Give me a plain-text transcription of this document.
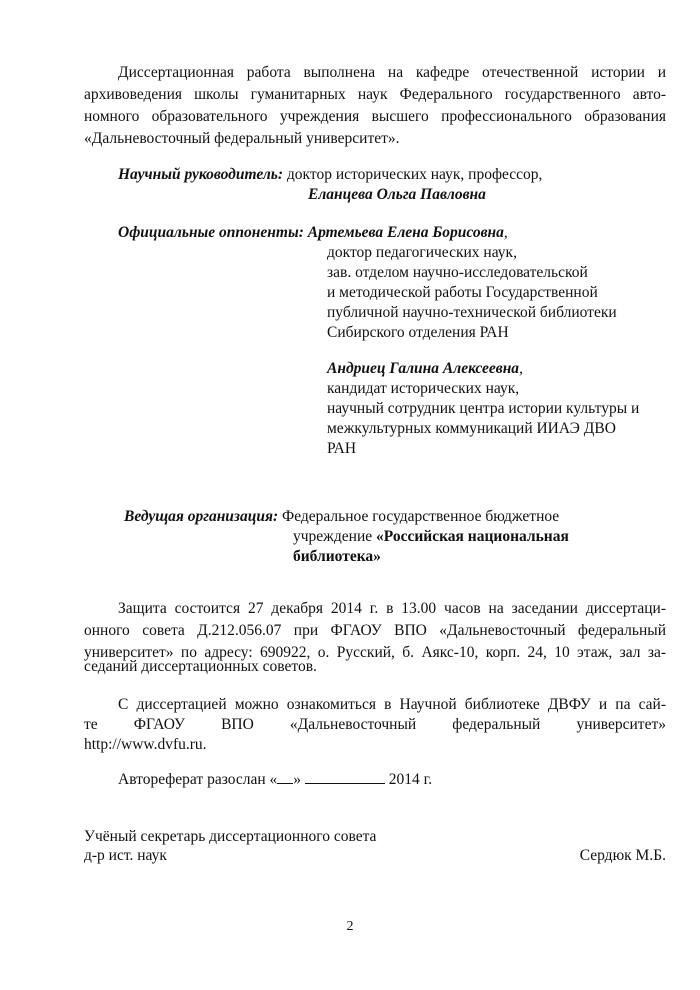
Диссертационная работа выполнена на кафедре отечественной истории и
архивоведения школы гуманитарных наук Федерального государственного авто-
номного образовательного учреждения высшего профессионального образования
«Дальневосточный федеральный университет».
Научный руководитель: доктор исторических наук, профессор,
Еланцева Ольга Павловна
Официальные оппоненты: Артемьева Елена Борисовна,
доктор педагогических наук,
зав. отделом научно-исследовательской
и методической работы Государственной
публичной научно-технической библиотеки
Сибирского отделения РАН
Андриец Галина Алексеевна,
кандидат исторических наук,
научный сотрудник центра истории культуры и
межкультурных коммуникаций ИИАЭ ДВО
РАН
Ведущая организация: Федеральное государственное бюджетное
учреждение «Российская национальная
библиотека»
Защита состоится 27 декабря 2014 г. в 13.00 часов на заседании диссертаци-
онного совета Д.212.056.07 при ФГАОУ ВПО «Дальневосточный федеральный
университет» по адресу: 690922, о. Русский, б. Аякс-10, корп. 24, 10 этаж, зал за-
седаний диссертационных советов.
С диссертацией можно ознакомиться в Научной библиотеке ДВФУ и па сай-
те ФГАОУ ВПО «Дальневосточный федеральный университет»
http://www.dvfu.ru.
Автореферат разослан « »	2014 г.
Учёный секретарь диссертационного совета
д-р ист. наук	Сердюк М.Б.
2
